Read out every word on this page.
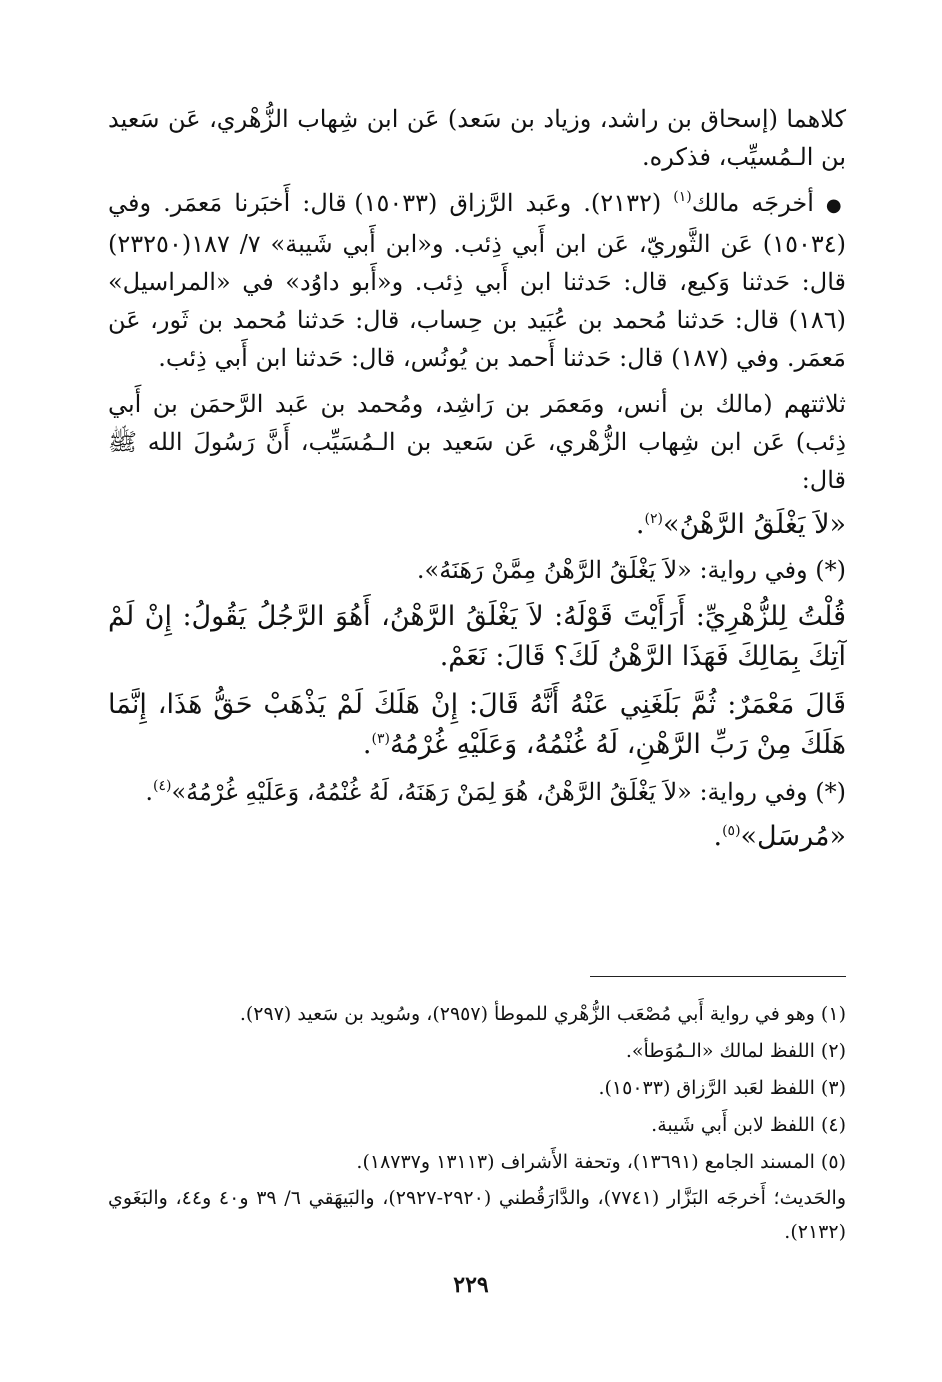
كلاهما (إسحاق بن راشد، وزياد بن سَعد) عَن ابن شِهاب الزُّهْري، عَن سَعيد بن الـمُسيِّب، فذكره.

● أخرجَه مالك$^{(١)}$ (٢١٣٢). وعَبد الرَّزاق (١٥٠٣٣) قال: أَخبَرنا مَعمَر. وفي (١٥٠٣٤) عَن الثَّوريّ، عَن ابن أَبي ذِئب. و«ابن أَبي شَيبة» ٧/ ١٨٧(٢٣٢٥٠) قال: حَدثنا وَكيع، قال: حَدثنا ابن أَبي ذِئب. و«أَبو داوُد» في «المراسيل» (١٨٦) قال: حَدثنا مُحمد بن عُبَيد بن حِساب، قال: حَدثنا مُحمد بن ثَور، عَن مَعمَر. وفي (١٨٧) قال: حَدثنا أَحمد بن يُونُس، قال: حَدثنا ابن أَبي ذِئب.

ثلاثتهم (مالك بن أنس، ومَعمَر بن رَاشِد، ومُحمد بن عَبد الرَّحمَن بن أَبي ذِئب) عَن ابن شِهاب الزُّهْري، عَن سَعيد بن الـمُسَيِّب، أَنَّ رَسُولَ الله ﷺ قال:

«لاَ يَغْلَقُ الرَّهْنُ»$^{(٢)}$.

(*) وفي رواية: «لاَ يَغْلَقُ الرَّهْنُ مِمَّنْ رَهَنَهُ».

قُلْتُ لِلزُّهْرِيِّ: أَرَأَيْتَ قَوْلَهُ: لاَ يَغْلَقُ الرَّهْنُ، أَهُوَ الرَّجُلُ يَقُولُ: إِنْ لَمْ آتِكَ بِمَالِكَ فَهَذَا الرَّهْنُ لَكَ؟ قَالَ: نَعَمْ.

قَالَ مَعْمَرٌ: ثُمَّ بَلَغَنِي عَنْهُ أَنَّهُ قَالَ: إِنْ هَلَكَ لَمْ يَذْهَبْ حَقُّ هَذَا، إِنَّمَا هَلَكَ مِنْ رَبِّ الرَّهْنِ، لَهُ غُنْمُهُ، وَعَلَيْهِ غُرْمُهُ$^{(٣)}$.

(*) وفي رواية: «لاَ يَغْلَقُ الرَّهْنُ، هُوَ لِمَنْ رَهَنَهُ، لَهُ غُنْمُهُ، وَعَلَيْهِ غُرْمُهُ»$^{(٤)}$.

«مُرسَل»$^{(٥)}$.

(١) وهو في رواية أَبي مُصْعَب الزُّهْري للموطأ (٢٩٥٧)، وسُويد بن سَعيد (٢٩٧).

(٢) اللفظ لمالك «الـمُوَطأ».

(٣) اللفظ لعَبد الرَّزاق (١٥٠٣٣).

(٤) اللفظ لابن أَبي شَيبة.

(٥) المسند الجامع (١٣٦٩١)، وتحفة الأَشراف (١٣١١٣ و١٨٧٣٧).

والحَديث؛ أَخرجَه البَزَّار (٧٧٤١)، والدَّارَقُطني (٢٩٢٠-٢٩٢٧)، والبَيهَقي ٦/ ٣٩ و٤٠ و٤٤، والبَغَوي (٢١٣٢).

٢٢٩
